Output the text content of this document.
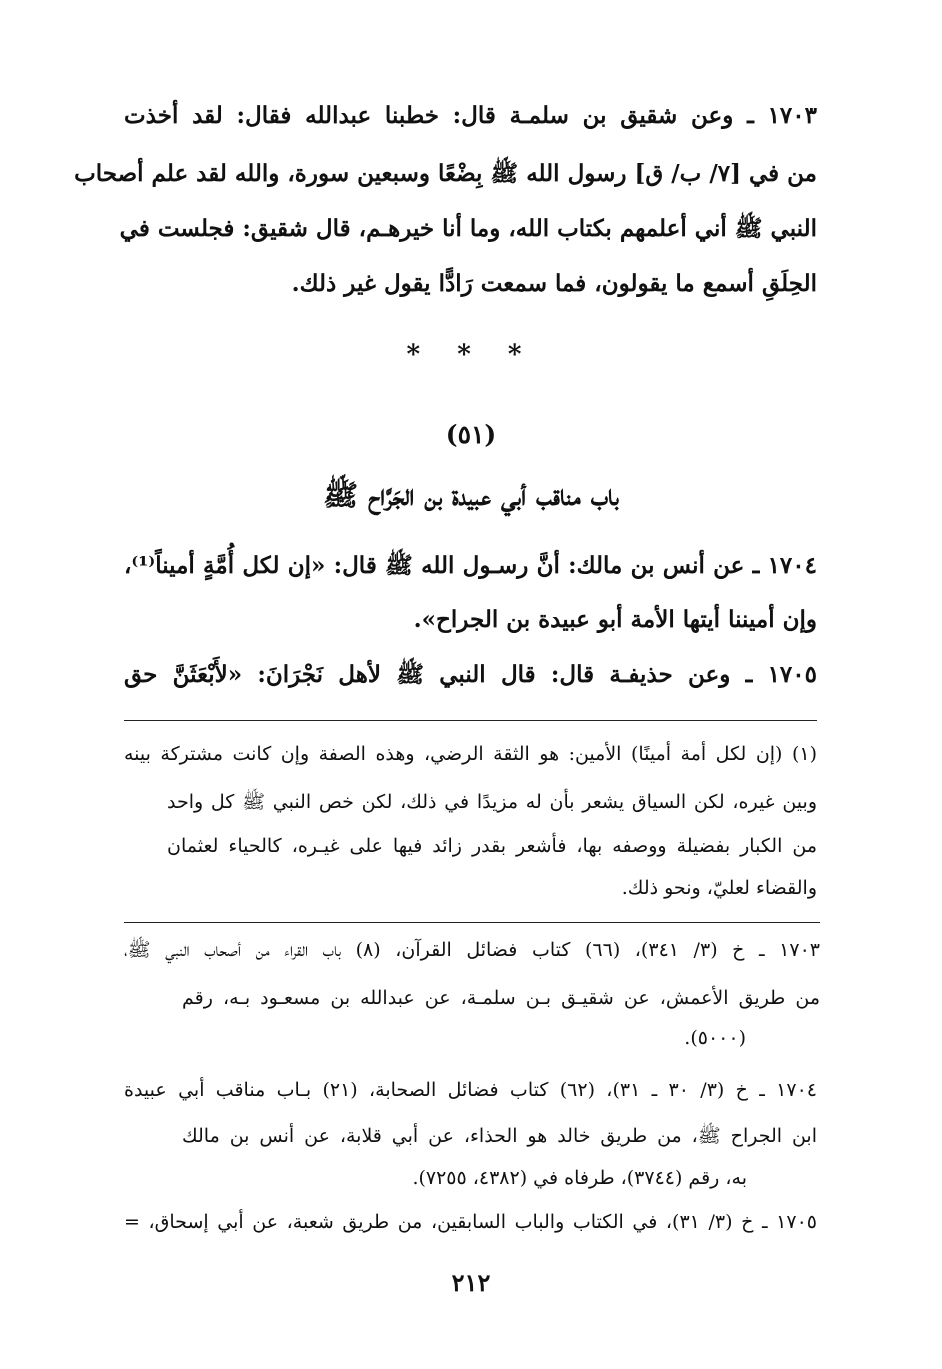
١٧٠٣ ـ وعن شقيق بن سلمـة قال: خطبنا عبدالله فقال: لقد أخذت
من في [٧/ ب/ ق] رسول الله ﷺ بِضْعًا وسبعين سورة، والله لقد علم أصحاب
النبي ﷺ أني أعلمهم بكتاب الله، وما أنا خيرهـم، قال شقيق: فجلست في
الحِلَقِ أسمع ما يقولون، فما سمعت رَادًّا يقول غير ذلك.
* * *
(٥١)
باب مناقب أبي عبيدة بن الجَرَّاح ﷺ
١٧٠٤ ـ عن أنس بن مالك: أنَّ رسـول الله ﷺ قال: «إن لكل أُمَّةٍ أميناً⁽¹⁾،
وإن أميننا أيتها الأمة أبو عبيدة بن الجراح».
١٧٠٥ ـ وعن حذيفـة قال: قال النبي ﷺ لأهل نَجْرَانَ: «لأَبْعَثَنَّ حق
(١) (إن لكل أمة أمينًا) الأمين: هو الثقة الرضي، وهذه الصفة وإن كانت مشتركة بينه
وبين غيره، لكن السياق يشعر بأن له مزيدًا في ذلك، لكن خص النبي ﷺ كل واحد
من الكبار بفضيلة ووصفه بها، فأشعر بقدر زائد فيها على غيـره، كالحياء لعثمان
والقضاء لعليّ، ونحو ذلك.
١٧٠٣ ـ خ (٣/ ٣٤١)، (٦٦) كتاب فضائل القرآن، (٨) باب القراء من أصحاب النبي ﷺ،
من طريق الأعمش، عن شقيـق بـن سلمـة، عن عبدالله بن مسعـود بـه، رقم
(٥٠٠٠).
١٧٠٤ ـ خ (٣/ ٣٠ ـ ٣١)، (٦٢) كتاب فضائل الصحابة، (٢١) بـاب مناقب أبي عبيدة
ابن الجراح ﷺ، من طريق خالد هو الحذاء، عن أبي قلابة، عن أنس بن مالك
به، رقم (٣٧٤٤)، طرفاه في (٤٣٨٢، ٧٢٥٥).
١٧٠٥ ـ خ (٣/ ٣١)، في الكتاب والباب السابقين، من طريق شعبة، عن أبي إسحاق، =
٢١٢
